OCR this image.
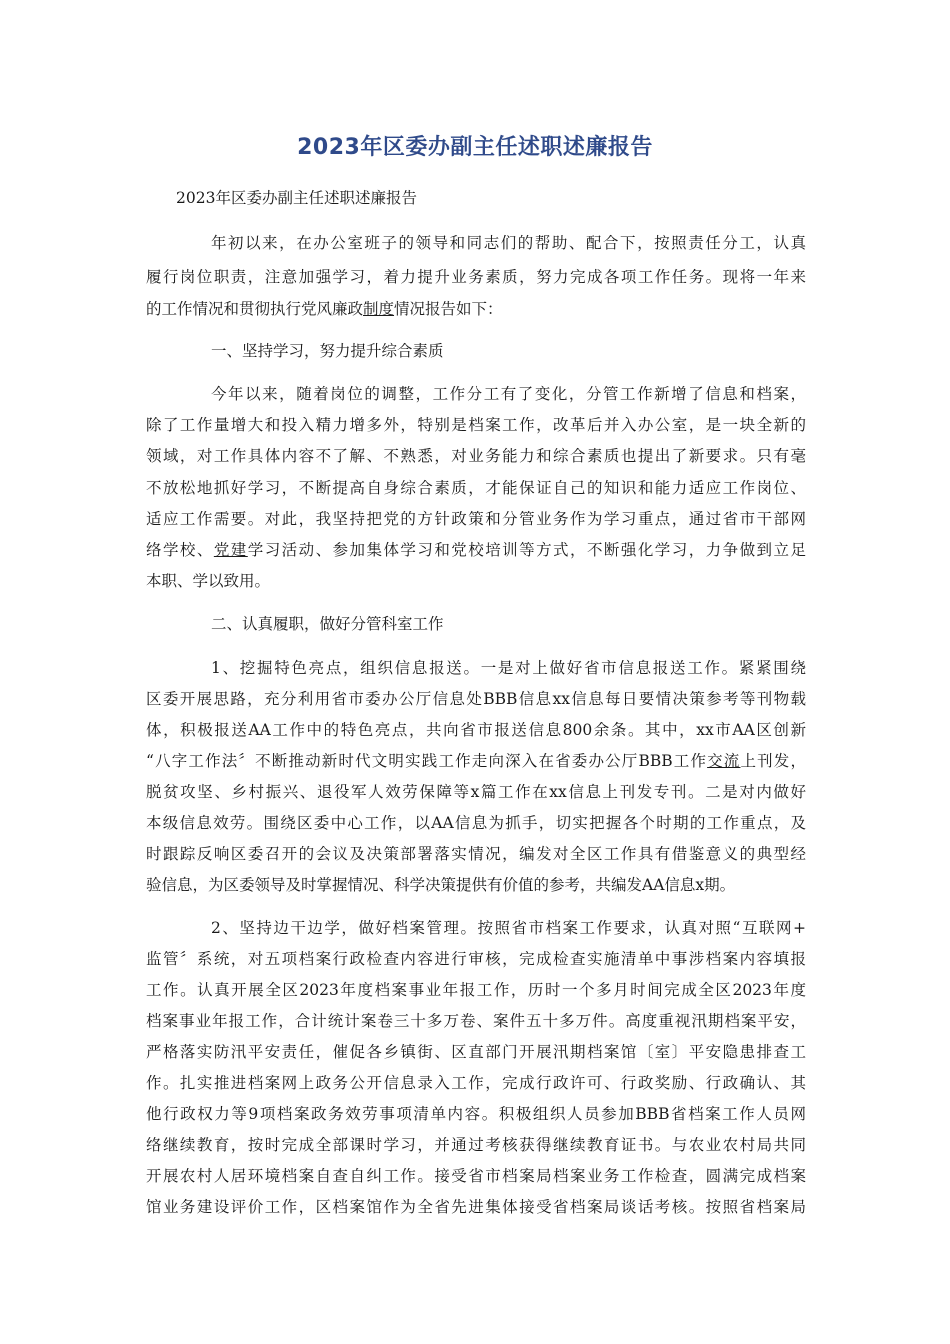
2023年区委办副主任述职述廉报告

2023年区委办副主任述职述廉报告

年初以来，在办公室班子的领导和同志们的帮助、配合下，按照责任分工，认真

履行岗位职责，注意加强学习，着力提升业务素质，努力完成各项工作任务。现将一年来

的工作情况和贯彻执行党风廉政制度情况报告如下：

一、坚持学习，努力提升综合素质

今年以来，随着岗位的调整，工作分工有了变化，分管工作新增了信息和档案，

除了工作量增大和投入精力增多外，特别是档案工作，改革后并入办公室，是一块全新的

领域，对工作具体内容不了解、不熟悉，对业务能力和综合素质也提出了新要求。只有毫

不放松地抓好学习，不断提高自身综合素质，才能保证自己的知识和能力适应工作岗位、

适应工作需要。对此，我坚持把党的方针政策和分管业务作为学习重点，通过省市干部网

络学校、党建学习活动、参加集体学习和党校培训等方式，不断强化学习，力争做到立足

本职、学以致用。

二、认真履职，做好分管科室工作

1、挖掘特色亮点，组织信息报送。一是对上做好省市信息报送工作。紧紧围绕

区委开展思路，充分利用省市委办公厅信息处BBB信息xx信息每日要情决策参考等刊物载

体，积极报送AA工作中的特色亮点，共向省市报送信息800余条。其中，xx市AA区创新

“八字工作法〞不断推动新时代文明实践工作走向深入在省委办公厅BBB工作交流上刊发，

脱贫攻坚、乡村振兴、退役军人效劳保障等x篇工作在xx信息上刊发专刊。二是对内做好

本级信息效劳。围绕区委中心工作，以AA信息为抓手，切实把握各个时期的工作重点，及

时跟踪反响区委召开的会议及决策部署落实情况，编发对全区工作具有借鉴意义的典型经

验信息，为区委领导及时掌握情况、科学决策提供有价值的参考，共编发AA信息x期。

2、坚持边干边学，做好档案管理。按照省市档案工作要求，认真对照“互联网+

监管〞系统，对五项档案行政检查内容进行审核，完成检查实施清单中事涉档案内容填报

工作。认真开展全区2023年度档案事业年报工作，历时一个多月时间完成全区2023年度

档案事业年报工作，合计统计案卷三十多万卷、案件五十多万件。高度重视汛期档案平安，

严格落实防汛平安责任，催促各乡镇街、区直部门开展汛期档案馆〔室〕平安隐患排查工

作。扎实推进档案网上政务公开信息录入工作，完成行政许可、行政奖励、行政确认、其

他行政权力等9项档案政务效劳事项清单内容。积极组织人员参加BBB省档案工作人员网

络继续教育，按时完成全部课时学习，并通过考核获得继续教育证书。与农业农村局共同

开展农村人居环境档案自查自纠工作。接受省市档案局档案业务工作检查，圆满完成档案

馆业务建设评价工作，区档案馆作为全省先进集体接受省档案局谈话考核。按照省档案局
